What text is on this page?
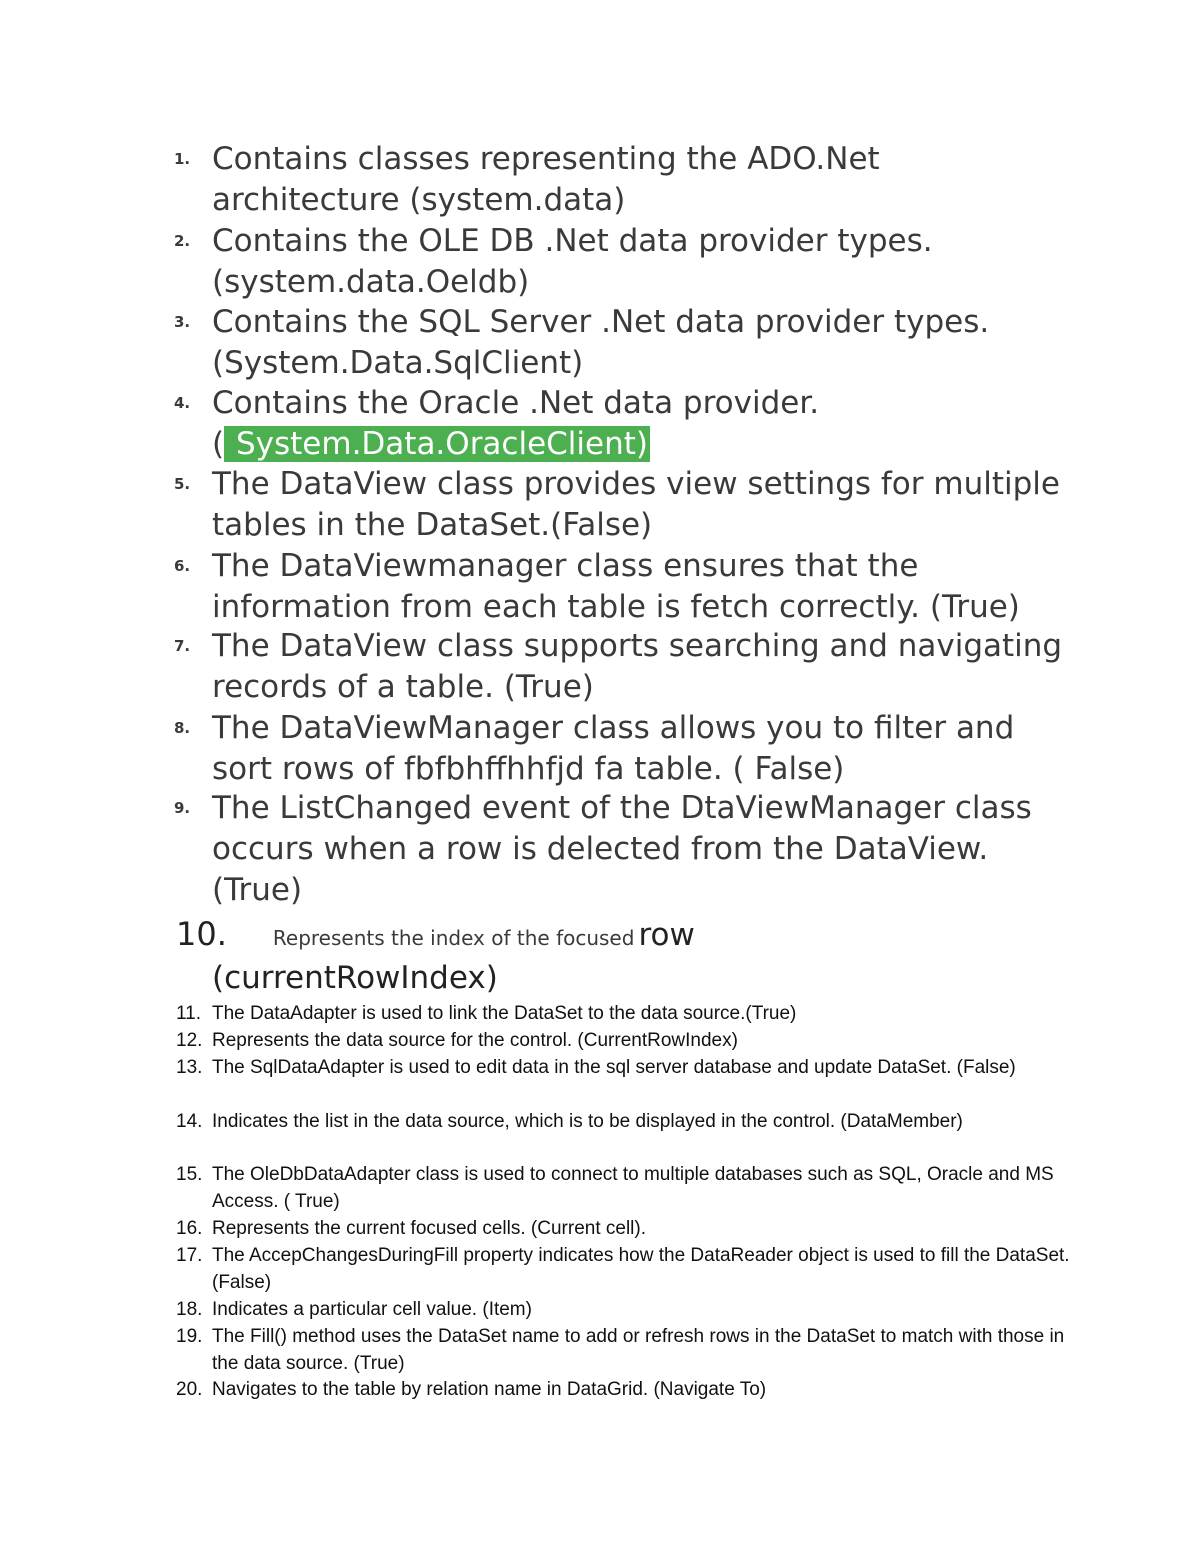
1. Contains classes representing the ADO.Net architecture (system.data)
2. Contains the OLE DB .Net data provider types. (system.data.Oeldb)
3. Contains the SQL Server .Net data provider types. (System.Data.SqlClient)
4. Contains the Oracle .Net data provider.
( System.Data.OracleClient)
5. The DataView class provides view settings for multiple tables in the DataSet.(False)
6. The DataViewmanager class ensures that the information from each table is fetch correctly. (True)
7. The DataView class supports searching and navigating records of a table. (True)
8. The DataViewManager class allows you to filter and sort rows of fbfbhffhhfjd fa table. ( False)
9. The ListChanged event of the DtaViewManager class occurs when a row is delected from the DataView. (True)
10. Represents the index of the focused row
(currentRowIndex)
11. The DataAdapter is used to link the DataSet to the data source.(True)
12. Represents the data source for the control. (CurrentRowIndex)
13. The SqlDataAdapter is used to edit data in the sql server database and update DataSet. (False)
14. Indicates the list in the data source, which is to be displayed in the control. (DataMember)
15. The OleDbDataAdapter class is used to connect to multiple databases such as SQL, Oracle and MS Access. ( True)
16. Represents the current focused cells. (Current cell).
17. The AccepChangesDuringFill property indicates how the DataReader object is used to fill the DataSet. (False)
18. Indicates a particular cell value. (Item)
19. The Fill() method uses the DataSet name to add or refresh rows in the DataSet to match with those in the data source. (True)
20. Navigates to the table by relation name in DataGrid. (Navigate To)
